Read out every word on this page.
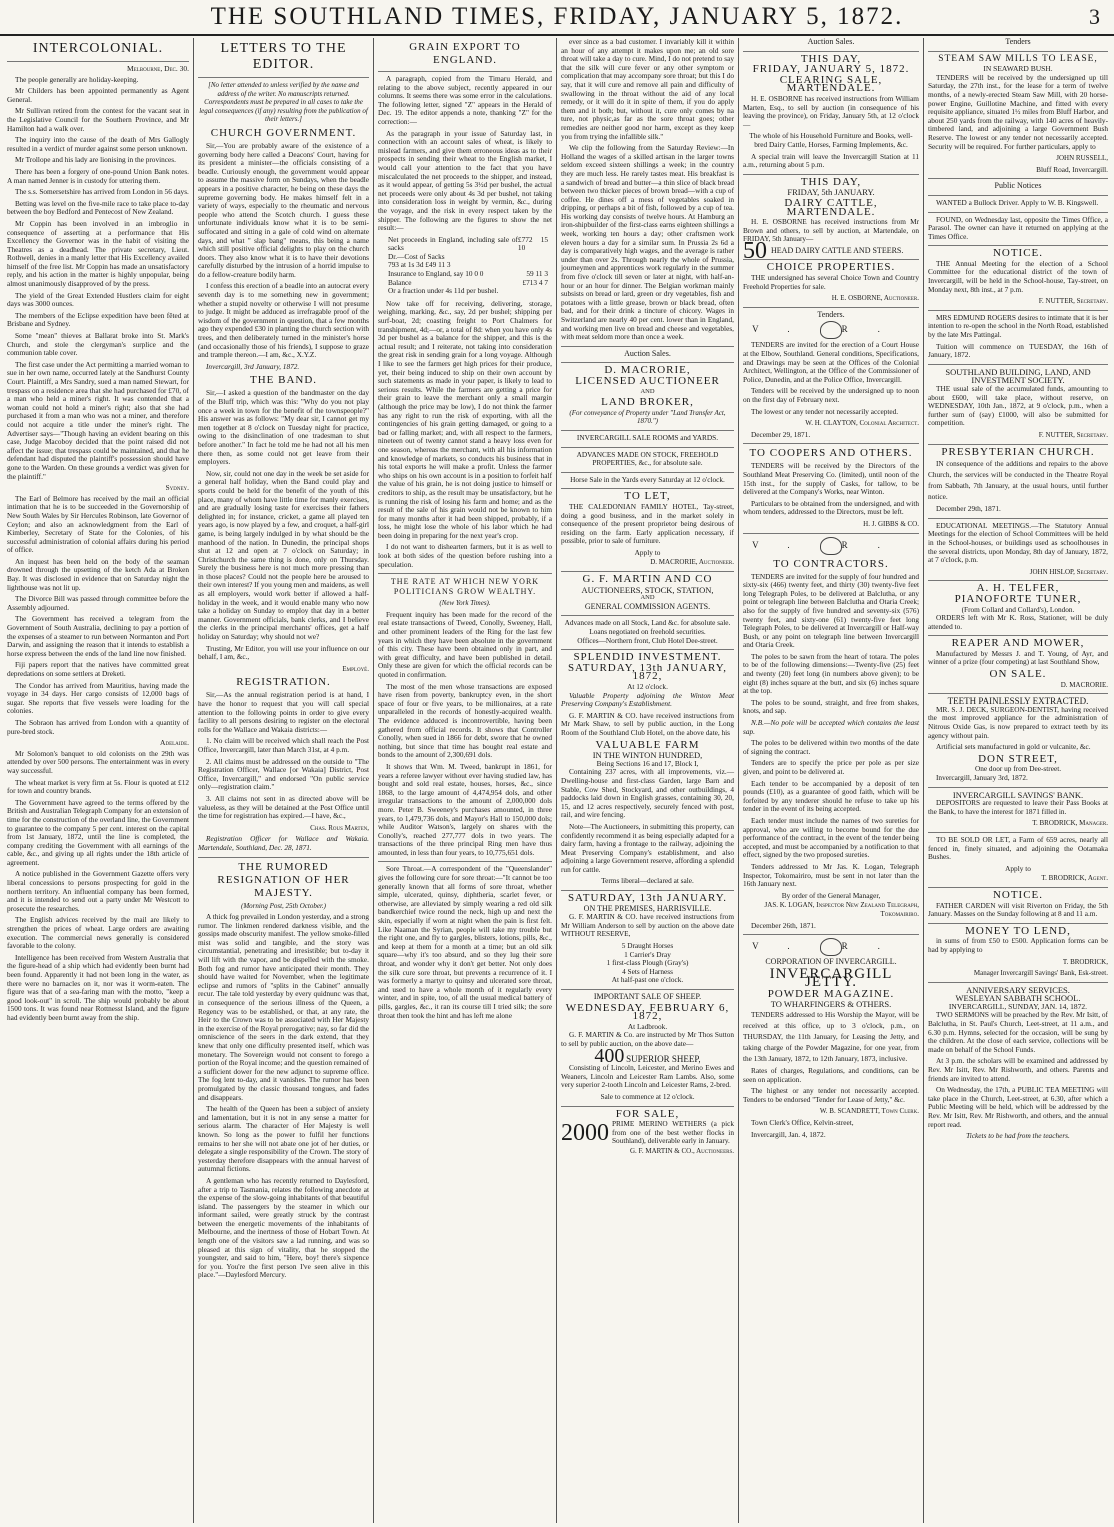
THE SOUTHLAND TIMES, FRIDAY, JANUARY 5, 1872.	3
INTERCOLONIAL.
Melbourne, Dec. 30.
The people generally are holiday-keeping.
Mr Childers has been appointed permanently as Agent General.
Mr Sullivan retired from the contest for the vacant seat in the Legislative Council for the Southern Province, and Mr Hamilton had a walk over.
The inquiry into the cause of the death of Mrs Gallogly resulted in a verdict of murder against some person unknown.
Mr Trollope and his lady are lionising in the provinces.
There has been a forgery of one-pound Union Bank notes. A man named Jenner is in custody for uttering them.
The s.s. Somersetshire has arrived from London in 56 days.
Betting was level on the five-mile race to take place to-day between the boy Bedford and Pentecost of New Zealand.
Mr Coppin has been involved in an imbroglio in consequence of asserting at a performance that His Excellency the Governor was in the habit of visiting the Theatres as a deadhead. The private secretary, Lieut. Rothwell, denies in a manly letter that His Excellency availed himself of the free list. Mr Coppin has made an unsatisfactory reply, and his action in the matter is highly unpopular, being almost unanimously disapproved of by the press.
The yield of the Great Extended Hustlers claim for eight days was 3000 ounces.
The members of the Eclipse expedition have been fêted at Brisbane and Sydney.
Some "mean" thieves at Ballarat broke into St. Mark's Church, and stole the clergyman's surplice and the communion table cover.
The first case under the Act permitting a married woman to sue in her own name, occurred lately at the Sandhurst County Court. Plaintiff, a Mrs Sandry, sued a man named Stewart, for trespass on a residence area that she had purchased for £70, of a man who held a miner's right. It was contended that a woman could not hold a miner's right; also that she had purchased it from a man who was not a miner, and therefore could not acquire a title under the miner's right. The Advertiser says—"Though having an evident bearing on this case, Judge Macoboy decided that the point raised did not affect the issue; that trespass could be maintained, and that he defendant had disputed the plaintiff's possession should have gone to the Warden. On these grounds a verdict was given for the plaintiff."
Sydney.
The Earl of Belmore has received by the mail an official intimation that he is to be succeeded in the Governorship of New South Wales by Sir Hercules Robinson, late Governor of Ceylon; and also an acknowledgment from the Earl of Kimberley, Secretary of State for the Colonies, of his successful administration of colonial affairs during his period of office.
An inquest has been held on the body of the seaman drowned through the upsetting of the ketch Ada at Broken Bay. It was disclosed in evidence that on Saturday night the lighthouse was not lit up.
The Divorce Bill was passed through committee before the Assembly adjourned.
The Government has received a telegram from the Government of South Australia, declining to pay a portion of the expenses of a steamer to run between Normanton and Port Darwin, and assigning the reason that it intends to establish a horse express between the ends of the land line now finished.
Fiji papers report that the natives have committed great depredations on some settlers at Dreketi.
The Condor has arrived from Mauritius, having made the voyage in 34 days. Her cargo consists of 12,000 bags of sugar. She reports that five vessels were loading for the colonies.
The Sobraon has arrived from London with a quantity of pure-bred stock.
Adelaide.
Mr Solomon's banquet to old colonists on the 29th was attended by over 500 persons. The entertainment was in every way successful.
The wheat market is very firm at 5s. Flour is quoted at £12 for town and country brands.
The Government have agreed to the terms offered by the British and Australian Telegraph Company for an extension of time for the construction of the overland line, the Government to guarantee to the company 5 per cent. interest on the capital from 1st January, 1872, until the line is completed, the company crediting the Government with all earnings of the cable, &c., and giving up all rights under the 18th article of agreement.
A notice published in the Government Gazette offers very liberal concessions to persons prospecting for gold in the northern territory. An influential company has been formed, and it is intended to send out a party under Mr Westcott to prosecute the researches.
The English advices received by the mail are likely to strengthen the prices of wheat. Large orders are awaiting execution. The commercial news generally is considered favorable to the colony.
Intelligence has been received from Western Australia that the figure-head of a ship which had evidently been burnt had been found. Apparently it had not been long in the water, as there were no barnacles on it, nor was it worm-eaten. The figure was that of a sea-faring man with the motto, "keep a good look-out" in scroll. The ship would probably be about 1500 tons. It was found near Rottnesst Island, and the figure had evidently been burnt away from the ship.
LETTERS TO THE EDITOR.
[No letter attended to unless verified by the name and address of the writer. No manuscripts returned. Correspondents must be prepared in all cases to take the legal consequences (if any) resulting from the publication of their letters.]
CHURCH GOVERNMENT.
Sir,—You are probably aware of the existence of a governing body here called a Deacons' Court, having for its president a minister—the officials consisting of a beadle. Curiously enough, the government would appear to assume the massive form on Sundays, when the beadle appears in a positive character, he being on these days the supreme governing body. He makes himself felt in a variety of ways, especially to the rheumatic and nervous people who attend the Scotch church. I guess these unfortunate individuals know what it is to be semi-suffocated and sitting in a gale of cold wind on alternate days, and what " slap bang" means, this being a name which still positive official delights to play on the church doors. They also know what it is to have their devotions carefully disturbed by the intrusion of a horrid impulse to do a fellow-creature bodily harm.
I confess this erection of a beadle into an autocrat every seventh day is to me something new in government; whether a stupid novelty or otherwise I will not presume to judge. It might be adduced as irrefragable proof of the wisdom of the government in question, that a few months ago they expended £30 in planting the church section with trees, and then deliberately turned in the minister's horse (and occasionally those of his friends), I suppose to graze and trample thereon.—I am, &c., X.Y.Z.
Invercargill, 3rd January, 1872.
THE BAND.
Sir,—I asked a question of the bandmaster on the day of the Bluff trip, which was this: "Why do you not play once a week in town for the benefit of the townspeople?" His answer was as follows: "My dear sir, I cannot get my men together at 8 o'clock on Tuesday night for practice, owing to the disinclination of one tradesman to shut before another." In fact he told me he had not all his men there then, as some could not get leave from their employers.
Now, sir, could not one day in the week be set aside for a general half holiday, when the Band could play and sports could be held for the benefit of the youth of this place, many of whom have little time for manly exercises, and are gradually losing taste for exercises their fathers delighted in; for instance, cricket, a game all played ten years ago, is now played by a few, and croquet, a half-girl game, is being largely indulged in by what should be the manhood of the nation. In Dunedin, the principal shops shut at 12 and open at 7 o'clock on Saturday; in Christchurch the same thing is done, only on Thursday. Surely the business here is not much more pressing than in those places? Could not the people here be aroused to their own interest? If you young men and maidens, as well as all employers, would work better if allowed a half-holiday in the week, and it would enable many who now take a holiday on Sunday to employ that day in a better manner. Government officials, bank clerks, and I believe the clerks in the principal merchants' offices, get a half holiday on Saturday; why should not we?
Trusting, Mr Editor, you will use your influence on our behalf, I am, &c.,
Employé.
REGISTRATION.
Sir,—As the annual registration period is at hand, I have the honor to request that you will call special attention to the following points in order to give every facility to all persons desiring to register on the electoral rolls for the Wallace and Wakaia districts:—
1. No claim will be received which shall reach the Post Office, Invercargill, later than March 31st, at 4 p.m.
2. All claims must be addressed on the outside to "The Registration Officer, Wallace [or Wakaia] District, Post Office, Invercargill," and endorsed "On public service only—registration claim."
3. All claims not sent in as directed above will be valueless, as they will be detained at the Post Office until the time for registration has expired.—I have, &c.,
Chas. Rous Marten,
Registration Officer for Wallace and Wakaia. Martendale, Southland, Dec. 28, 1871.
THE RUMORED RESIGNATION OF HER MAJESTY.
(Morning Post, 25th October.)
A thick fog prevailed in London yesterday, and a strong rumor. The linkmen rendered darkness visible, and the gossips made obscurity manifest. The yellow smoke-filled mist was solid and tangible, and the story was circumstantial, penetrating and irresistible; but to-day it will lift with the vapor, and be dispelled with the smoke. Both fog and rumor have anticipated their month. They should have waited for November, when the legitimate eclipse and rumors of "splits in the Cabinet" annually recur. The tale told yesterday by every quidnunc was that, in consequence of the serious illness of the Queen, a Regency was to be established, or that, at any rate, the Heir to the Crown was to be associated with Her Majesty in the exercise of the Royal prerogative; nay, so far did the omniscience of the seers in the dark extend, that they knew that only one difficulty presented itself, which was monetary. The Sovereign would not consent to forego a portion of the Royal income; and the question remained of a sufficient dower for the new adjunct to supreme office. The fog lent to-day, and it vanishes. The rumor has been promulgated by the classic thousand tongues, and fades and disappears.
The health of the Queen has been a subject of anxiety and lamentation, but it is not in any sense a matter for serious alarm. The character of Her Majesty is well known. So long as the power to fulfil her functions remains to her she will not abate one jot of her duties, or delegate a single responsibility of the Crown. The story of yesterday therefore disappears with the annual harvest of autumnal fictions.
A gentleman who has recently returned to Daylesford, after a trip to Tasmania, relates the following anecdote at the expense of the slow-going inhabitants of that beautiful island. The passengers by the steamer in which our informant sailed, were greatly struck by the contrast between the energetic movements of the inhabitants of Melbourne, and the inertness of those of Hobart Town. At length one of the visitors saw a lad running, and was so pleased at this sign of vitality, that he stopped the youngster, and said to him, "Here, boy! there's sixpence for you. You're the first person I've seen alive in this place."—Daylesford Mercury.
GRAIN EXPORT TO ENGLAND.
A paragraph, copied from the Timaru Herald, and relating to the above subject, recently appeared in our columns. It seems there was some error in the calculations. The following letter, signed "Z" appears in the Herald of Dec. 19. The editor appends a note, thanking "Z" for the correction:—
As the paragraph in your issue of Saturday last, in connection with an account sales of wheat, is likely to mislead farmers, and give them erroneous ideas as to their prospects in sending their wheat to the English market, I would call your attention to the fact that you have miscalculated the net proceeds to the shipper, and instead, as it would appear, of getting 5s 3½d per bushel, the actual net proceeds were only about 4s 3d per bushel, not taking into consideration loss in weight by vermin, &c., during the voyage, and the risk in every respect taken by the shipper. The following are the figures to show the net result:—
Net proceeds in England, including sale of sacks
£772 15 10
Dr.—Cost of Sacks
793 at 1s 3d £49 11 3
Insurance to England, say 10 0 0	59 11 3
Balance	£713 4 7
Or a fraction under 4s 11d per bushel.
Now take off for receiving, delivering, storage, weighing, marking, &c., say, 2d per bushel; shipping per surf-boat, 2d; coasting freight to Port Chalmers for transhipment, 4d;—or, a total of 8d: when you have only 4s 3d per bushel as a balance for the shipper, and this is the actual result; and I reiterate, not taking into consideration the great risk in sending grain for a long voyage. Although I like to see the farmers get high prices for their produce, yet, their being induced to ship on their own account by such statements as made in your paper, is likely to lead to serious results. While the farmers are getting a price for their grain to leave the merchant only a small margin (although the price may be low), I do not think the farmer has any right to run the risk of exporting, with all the contingencies of his grain getting damaged, or going to a bad or falling market; and, with all respect to the farmers, nineteen out of twenty cannot stand a heavy loss even for one season, whereas the merchant, with all his information and knowledge of markets, so conducts his business that in his total exports he will make a profit. Unless the farmer who ships on his own account is in a position to forfeit half the value of his grain, he is not doing justice to himself or creditors to ship, as the result may be unsatisfactory, but he is running the risk of losing his farm and home; and as the result of the sale of his grain would not be known to him for many months after it had been shipped, probably, if a loss, he might lose the whole of his labor which he had been doing in preparing for the next year's crop.
I do not want to dishearten farmers, but it is as well to look at both sides of the question before rushing into a speculation.
THE RATE AT WHICH NEW YORK POLITICIANS GROW WEALTHY.
(New York Times).
Frequent inquiry has been made for the record of the real estate transactions of Tweed, Conolly, Sweeney, Hall, and other prominent leaders of the Ring for the last few years in which they have been absolute in the government of this city. These have been obtained only in part, and with great difficulty, and have been published in detail. Only these are given for which the official records can be quoted in confirmation.
The most of the men whose transactions are exposed have risen from poverty, bankruptcy even, in the short space of four or five years, to be millionaires, at a rate unparalleled in the records of honestly-acquired wealth. The evidence adduced is incontrovertible, having been gathered from official records. It shows that Controller Conolly, when sued in 1866 for debt, swore that he owned nothing, but since that time has bought real estate and bonds to the amount of 2,300,691 dols.
It shows that Wm. M. Tweed, bankrupt in 1861, for years a referee lawyer without ever having studied law, has bought and sold real estate, houses, horses, &c., since 1868, to the large amount of 4,474,954 dols, and other irregular transactions to the amount of 2,000,000 dols more. Peter B. Sweeney's purchases amounted, in three years, to 1,479,736 dols, and Mayor's Hall to 150,000 dols; while Auditor Watson's, largely on shares with the Conolly's, reached 277,777 dols in two years. The transactions of the three principal Ring men have thus amounted, in less than four years, to 10,775,651 dols.
Sore Throat.—A correspondent of the "Queenslander" gives the following cure for sore throat:—"It cannot be too generally known that all forms of sore throat, whether simple, ulcerated, quinsy, diphtheria, scarlet fever, or otherwise, are alleviated by simply wearing a red old silk bandkerchief twice round the neck, high up and next the skin, especially if worn at night when the pain is first felt. Like Naaman the Syrian, people will take my trouble but the right one, and fly to gargles, blisters, lotions, pills, &c., and keep at them for a month at a time; but an old silk square—why it's too absurd, and so they lug their sore throat, and wonder why it don't get better. Not only does the silk cure sore throat, but prevents a recurrence of it. I was formerly a martyr to quinsy and ulcerated sore throat, and used to have a whole month of it regularly every winter, and in spite, too, of all the usual medical battery of pills, gargles, &c., it ran its course till I tried silk; the sore throat then took the hint and has left me alone
ever since as a bad customer. I invariably kill it within an hour of any attempt it makes upon me; an old sore throat will take a day to cure. Mind, I do not pretend to say that the silk will cure fever or any other symptom or complication that may accompany sore throat; but this I do say, that it will cure and remove all pain and difficulty of swallowing in the throat without the aid of any local remedy, or it will do it in spite of them, if you do apply them and it both; but, without it, cure only comes by na ture, not physic,as far as the sore throat goes; other remedies are neither good nor harm, except as they keep you from trying the infallible silk."
We clip the following from the Saturday Review:—In Holland the wages of a skilled artisan in the larger towns seldom exceed sixteen shillings a week; in the country they are much less. He rarely tastes meat. His breakfast is a sandwich of bread and butter—a thin slice of black bread between two thicker pieces of brown bread—with a cup of coffee. He dines off a mess of vegetables soaked in dripping, or perhaps a bit of fish, followed by a cup of tea. His working day consists of twelve hours. At Hamburg an iron-shipbuilder of the first-class earns eighteen shillings a week, working ten hours a day; other craftsmen work eleven hours a day for a similar sum. In Prussia 2s 6d a day is comparatively high wages, and the average is rather under than over 2s. Through nearly the whole of Prussia, journeymen and apprentices work regularly in the summer from five o'clock till seven or later at night, with half-an-hour or an hour for dinner. The Belgian workman mainly subsists on bread or lard, green or dry vegetables, fish and potatoes with a little grease, brown or black bread, often bad, and for their drink a tincture of chicory. Wages in Switzerland are nearly 40 per cent. lower than in England, and working men live on bread and cheese and vegetables, with meat seldom more than once a week.
Auction Sales.
D. MACRORIE,
LICENSED AUCTIONEER
AND
LAND BROKER,
(For conveyance of Property under "Land Transfer Act, 1870.")
INVERCARGILL SALE ROOMS and YARDS.
ADVANCES MADE ON STOCK, FREEHOLD PROPERTIES, &c., for absolute sale.
Horse Sale in the Yards every Saturday at 12 o'clock.
TO LET,
THE CALEDONIAN FAMILY HOTEL, Tay-street, doing a good business, and in the market solely in consequence of the present proprietor being desirous of residing on the farm. Early application necessary, if possible, prior to sale of furniture.
Apply to
D. MACRORIE, Auctioneer.
G. F. MARTIN AND CO
AUCTIONEERS, STOCK, STATION,
AND
GENERAL COMMISSION AGENTS.
Advances made on all Stock, Land &c. for absolute sale.
Loans negotiated on freehold securities.
Offices—Northern front, Club Hotel Dee-street.
SPLENDID INVESTMENT.
SATURDAY, 13th JANUARY, 1872,
At 12 o'clock.
Valuable Property adjoining the Winton Meat Preserving Company's Establishment.
G. F. MARTIN & CO. have received instructions from Mr Mark Shaw, to sell by public auction, in the Long Room of the Southland Club Hotel, on the above date, his
VALUABLE FARM
IN THE WINTON HUNDRED,
Being Sections 16 and 17, Block I,
Containing 237 acres, with all improvements, viz.—Dwelling-house and first-class Garden, large Barn and Stable, Cow Shed, Stockyard, and other outbuildings, 4 paddocks laid down in English grasses, containing 30, 20, 15, and 12 acres respectively, securely fenced with post, rail, and wire fencing.
Note—The Auctioneers, in submitting this property, can confidently recommend it as being especially adapted for a dairy farm, having a frontage to the railway, adjoining the Meat Preserving Company's establishment, and also adjoining a large Government reserve, affording a splendid run for cattle.
Terms liberal—declared at sale.
SATURDAY, 13th JANUARY.
ON THE PREMISES, HARRISVILLE.
G. F. MARTIN & CO. have received instructions from Mr William Anderson to sell by auction on the above date WITHOUT RESERVE,
5 Draught Horses
1 Carrier's Dray
1 first-class Plough (Gray's)
4 Sets of Harness
At half-past one o'clock.
IMPORTANT SALE OF SHEEP.
WEDNESDAY, FEBRUARY 6, 1872,
At Ladbrook.
G. F. MARTIN & Co. are instructed by Mr Thos Sutton to sell by public auction, on the above date—
400 SUPERIOR SHEEP,
Consisting of Lincoln, Leicester, and Merino Ewes and Weaners, Lincoln and Leicester Ram Lambs. Also, some very superior 2-tooth Lincoln and Leicester Rams, 2-bred.
Sale to commence at 12 o'clock.
FOR SALE,
2000 PRIME MERINO WETHERS (a pick from one of the best wether flocks in Southland), deliverable early in January.
G. F. MARTIN & CO., Auctioneers.
Auction Sales.
THIS DAY,
FRIDAY, JANUARY 5, 1872.
CLEARING SALE, MARTENDALE.
H. E. OSBORNE has received instructions from William Marten, Esq., to sell by auction (in consequence of his leaving the province), on Friday, January 5th, at 12 o'clock—
The whole of his Household Furniture and Books, well-bred Dairy Cattle, Horses, Farming Implements, &c.
A special train will leave the Invercargill Station at 11 a.m., returning about 5 p.m.
THIS DAY,
FRIDAY, 5th JANUARY.
DAIRY CATTLE, MARTENDALE.
H. E. OSBORNE has received instructions from Mr Brown and others, to sell by auction, at Martendale, on FRIDAY, 5th January—
50 HEAD DAIRY CATTLE AND STEERS.
CHOICE PROPERTIES.
THE undersigned has several Choice Town and Country Freehold Properties for sale.
H. E. OSBORNE, Auctioneer.
Tenders.
V. R.
TENDERS are invited for the erection of a Court House at the Elbow, Southland. General conditions, Specifications, and Drawings may be seen at the Offices of the Colonial Architect, Wellington, at the Office of the Commissioner of Police, Dunedin, and at the Police Office, Invercargill.
Tenders will be received by the undersigned up to noon on the first day of February next.
The lowest or any tender not necessarily accepted.
W. H. CLAYTON, Colonial Architect.
December 29, 1871.
TO COOPERS AND OTHERS.
TENDERS will be received by the Directors of the Southland Meat Preserving Co. (limited), until noon of the 15th inst., for the supply of Casks, for tallow, to be delivered at the Company's Works, near Winton.
Particulars to be obtained from the undersigned, and with whom tenders, addressed to the Directors, must be left.
H. J. GIBBS & CO.
V. R.
TO CONTRACTORS.
TENDERS are invited for the supply of four hundred and sixty-six (466) twenty feet, and thirty (30) twenty-five feet long Telegraph Poles, to be delivered at Balclutha, or any point or telegraph line between Balclutha and Otaria Creek; also for the supply of five hundred and seventy-six (576) twenty feet, and sixty-one (61) twenty-five feet long Telegraph Poles, to be delivered at Invercargill or Half-way Bush, or any point on telegraph line between Invercargill and Otaria Creek.
The poles to be sawn from the heart of totara. The poles to be of the following dimensions:—Twenty-five (25) feet and twenty (20) feet long (in numbers above given); to be eight (8) inches square at the butt, and six (6) inches square at the top.
The poles to be sound, straight, and free from shakes, knots, and sap.
N.B.—No pole will be accepted which contains the least sap.
The poles to be delivered within two months of the date of signing the contract.
Tenders are to specify the price per pole as per size given, and point to be delivered at.
Each tender to be accompanied by a deposit of ten pounds (£10), as a guarantee of good faith, which will be forfeited by any tenderer should he refuse to take up his tender in the event of its being accepted.
Each tender must include the names of two sureties for approval, who are willing to become bound for the due performance of the contract, in the event of the tender being accepted, and must be accompanied by a notification to that effect, signed by the two proposed sureties.
Tenders addressed to Mr Jas. K. Logan, Telegraph Inspector, Tokomairiro, must be sent in not later than the 16th January next.
By order of the General Manager,
JAS. K. LOGAN, Inspector New Zealand Telegraph, Tokomairiro.
December 26th, 1871.
V. R.
CORPORATION OF INVERCARGILL.
INVERCARGILL JETTY.
POWDER MAGAZINE.
TO WHARFINGERS & OTHERS.
TENDERS addressed to His Worship the Mayor, will be received at this office, up to 3 o'clock, p.m., on THURSDAY, the 11th January, for Leasing the Jetty, and taking charge of the Powder Magazine, for one year, from the 13th January, 1872, to 12th January, 1873, inclusive.
Rates of charges, Regulations, and conditions, can be seen on application.
The highest or any tender not necessarily accepted. Tenders to be endorsed "Tender for Lease of Jetty," &c.
W. B. SCANDRETT, Town Clerk.
Town Clerk's Office, Kelvin-street,
Invercargill, Jan. 4, 1872.
Tenders
STEAM SAW MILLS TO LEASE,
IN SEAWARD BUSH.
TENDERS will be received by the undersigned up till Saturday, the 27th inst., for the lease for a term of twelve months, of a newly-erected Steam Saw Mill, with 20 horse-power Engine, Guillotine Machine, and fitted with every requisite appliance, situated 1½ miles from Bluff Harbor, and about 250 yards from the railway, with 140 acres of heavily-timbered land, and adjoining a large Government Bush Reserve. The lowest or any tender not necessarily accepted. Security will be required. For further particulars, apply to
JOHN RUSSELL,
Bluff Road, Invercargill.
Public Notices
WANTED a Bullock Driver. Apply to W. B. Kingswell.
FOUND, on Wednesday last, opposite the Times Office, a Parasol. The owner can have it returned on applying at the Times Office.
NOTICE.
THE Annual Meeting for the election of a School Committee for the educational district of the town of Invercargill, will be held in the School-house, Tay-street, on Monday next, 8th inst., at 7 p.m.
F. NUTTER, Secretary.
MRS EDMUND ROGERS desires to intimate that it is her intention to re-open the school in the North Road, established by the late Mrs Pattingal.
Tuition will commence on TUESDAY, the 16th of January, 1872.
SOUTHLAND BUILDING, LAND, AND INVESTMENT SOCIETY.
THE usual sale of the accumulated funds, amounting to about £600, will take place, without reserve, on WEDNESDAY, 10th Jan., 1872, at 9 o'clock, p.m., when a further sum of (say) £1000, will also be submitted for competition.
F. NUTTER, Secretary.
PRESBYTERIAN CHURCH.
IN consequence of the additions and repairs to the above Church, the services will be conducted in the Theatre Royal from Sabbath, 7th January, at the usual hours, until further notice.
December 29th, 1871.
EDUCATIONAL MEETINGS.—The Statutory Annual Meetings for the election of School Committees will be held in the School-houses, or buildings used as schoolhouses in the several districts, upon Monday, 8th day of January, 1872, at 7 o'clock, p.m.
JOHN HISLOP, Secretary.
A. H. TELFER,
PIANOFORTE TUNER,
(From Collard and Collard's), London.
ORDERS left with Mr K. Ross, Stationer, will be duly attended to.
REAPER AND MOWER,
Manufactured by Messrs J. and T. Young, of Ayr, and winner of a prize (four competing) at last Southland Show,
ON SALE.
D. MACRORIE.
TEETH PAINLESSLY EXTRACTED.
MR. S. J. DECK, SURGEON-DENTIST, having received the most improved appliance for the administration of Nitrous Oxide Gas, is now prepared to extract teeth by its agency without pain.
Artificial sets manufactured in gold or vulcanite, &c.
DON STREET,
One door up from Dee-street.
Invercargill, January 3rd, 1872.
INVERCARGILL SAVINGS' BANK.
DEPOSITORS are requested to leave their Pass Books at the Bank, to have the interest for 1871 filled in.
T. BRODRICK, Manager.
TO BE SOLD OR LET, a Farm of 659 acres, nearly all fenced in, finely situated, and adjoining the Ootamaka Bushes.
Apply to
T. BRODRICK, Agent.
NOTICE.
FATHER CARDEN will visit Riverton on Friday, the 5th January. Masses on the Sunday following at 8 and 11 a.m.
MONEY TO LEND,
in sums of from £50 to £500. Application forms can be had by applying to
T. BRODRICK,
Manager Invercargill Savings' Bank, Esk-street.
ANNIVERSARY SERVICES.
WESLEYAN SABBATH SCHOOL.
INVERCARGILL, SUNDAY, JAN. 14, 1872.
TWO SERMONS will be preached by the Rev. Mr Isitt, of Balclutha, in St. Paul's Church, Leet-street, at 11 a.m., and 6.30 p.m. Hymns, selected for the occasion, will be sung by the children. At the close of each service, collections will be made on behalf of the School Funds.
At 3 p.m. the scholars will be examined and addressed by Rev. Mr Isitt, Rev. Mr Rishworth, and others. Parents and friends are invited to attend.
On Wednesday, the 17th, a PUBLIC TEA MEETING will take place in the Church, Leet-street, at 6.30, after which a Public Meeting will be held, which will be addressed by the Rev. Mr Isitt, Rev. Mr Rishworth, and others, and the annual report read.
Tickets to be had from the teachers.
